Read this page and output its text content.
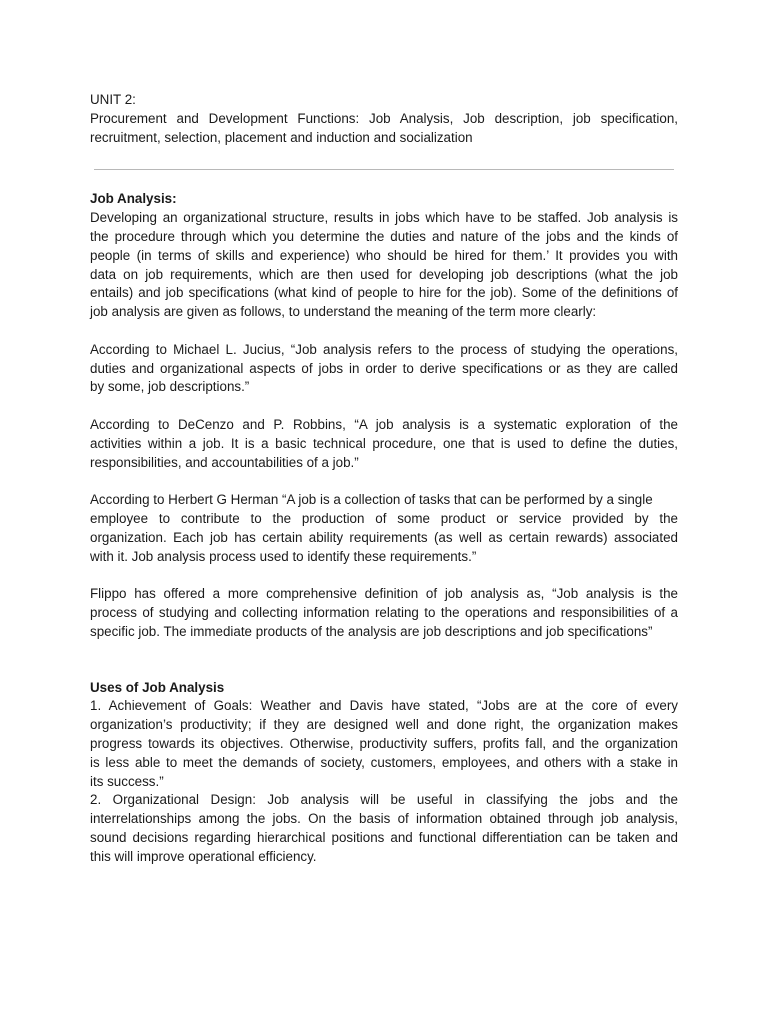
UNIT 2:
Procurement and Development Functions: Job Analysis, Job description, job specification,
recruitment, selection, placement and induction and socialization
Job Analysis:
Developing an organizational structure, results in jobs which have to be staffed. Job analysis is
the procedure through which you determine the duties and nature of the jobs and the kinds of
people (in terms of skills and experience) who should be hired for them.’ It provides you with
data on job requirements, which are then used for developing job descriptions (what the job
entails) and job specifications (what kind of people to hire for the job). Some of the definitions of
job analysis are given as follows, to understand the meaning of the term more clearly:
According to Michael L. Jucius, “Job analysis refers to the process of studying the operations,
duties and organizational aspects of jobs in order to derive specifications or as they are called
by some, job descriptions.”
According to DeCenzo and P. Robbins, “A job analysis is a systematic exploration of the
activities within a job. It is a basic technical procedure, one that is used to define the duties,
responsibilities, and accountabilities of a job.”
According to Herbert G Herman “A job is a collection of tasks that can be performed by a single
employee to contribute to the production of some product or service provided by the
organization. Each job has certain ability requirements (as well as certain rewards) associated
with it. Job analysis process used to identify these requirements.”
Flippo has offered a more comprehensive definition of job analysis as, “Job analysis is the
process of studying and collecting information relating to the operations and responsibilities of a
specific job. The immediate products of the analysis are job descriptions and job specifications”
Uses of Job Analysis
1. Achievement of Goals: Weather and Davis have stated, “Jobs are at the core of every
organization’s productivity; if they are designed well and done right, the organization makes
progress towards its objectives. Otherwise, productivity suffers, profits fall, and the organization
is less able to meet the demands of society, customers, employees, and others with a stake in
its success.”
2. Organizational Design: Job analysis will be useful in classifying the jobs and the
interrelationships among the jobs. On the basis of information obtained through job analysis,
sound decisions regarding hierarchical positions and functional differentiation can be taken and
this will improve operational efficiency.
